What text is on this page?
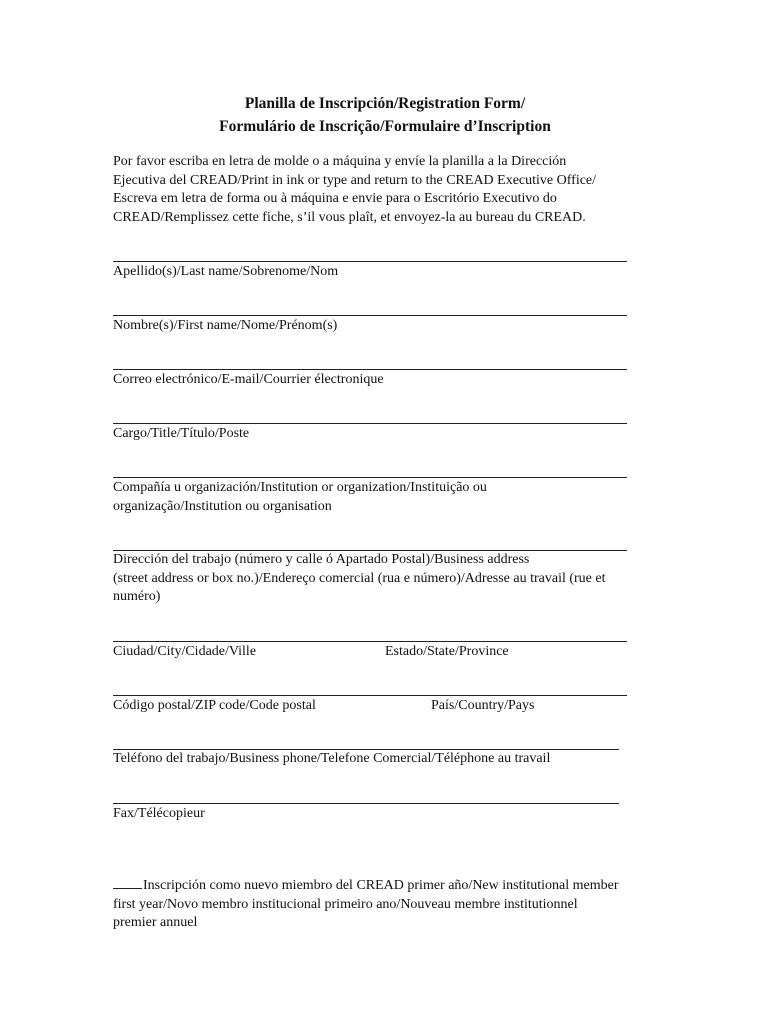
Planilla de Inscripción/Registration Form/
Formulário de Inscrição/Formulaire d’Inscription
Por favor escriba en letra de molde o a máquina y envíe la planilla a la Dirección
Ejecutiva del CREAD/Print in ink or type and return to the CREAD Executive Office/
Escreva em letra de forma ou à máquina e envie para o Escritório Executivo do
CREAD/Remplissez cette fiche, s’il vous plaît, et envoyez-la au bureau du CREAD.
Apellido(s)/Last name/Sobrenome/Nom
Nombre(s)/First name/Nome/Prénom(s)
Correo electrónico/E-mail/Courrier électronique
Cargo/Title/Título/Poste
Compañía u organización/Institution or organization/Instituição ou
organização/Institution ou organisation
Dirección del trabajo (número y calle ó Apartado Postal)/Business address
(street address or box no.)/Endereço comercial (rua e número)/Adresse au travail (rue et
numéro)
Ciudad/City/Cidade/Ville	Estado/State/Province
Código postal/ZIP code/Code postal	País/Country/Pays
Teléfono del trabajo/Business phone/Telefone Comercial/Téléphone au travail
Fax/Télécopieur
Inscripción como nuevo miembro del CREAD primer año/New institutional member
first year/Novo membro institucional primeiro ano/Nouveau membre institutionnel
premier annuel
